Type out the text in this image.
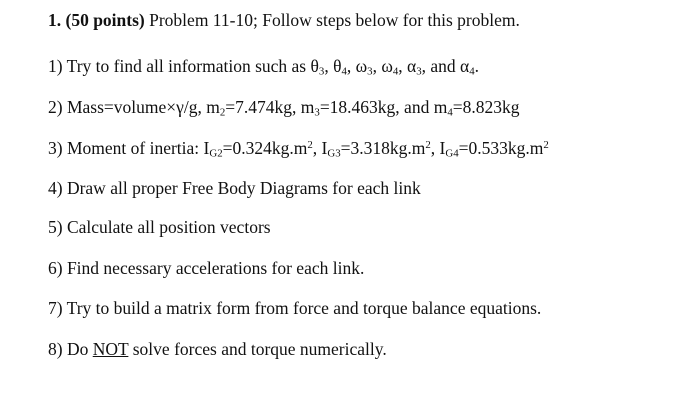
1. (50 points) Problem 11-10; Follow steps below for this problem.
1) Try to find all information such as $\theta_3$, $\theta_4$, $\omega_3$, $\omega_4$, $\alpha_3$, and $\alpha_4$.
2) Mass=volume×γ/g, $m_2=7.474kg$, $m_3=18.463kg$, and $m_4=8.823kg$
3) Moment of inertia: $I_{G2}=0.324kg.m^2$, $I_{G3}=3.318kg.m^2$, $I_{G4}=0.533kg.m^2$
4) Draw all proper Free Body Diagrams for each link
5) Calculate all position vectors
6) Find necessary accelerations for each link.
7) Try to build a matrix form from force and torque balance equations.
8) Do NOT solve forces and torque numerically.
